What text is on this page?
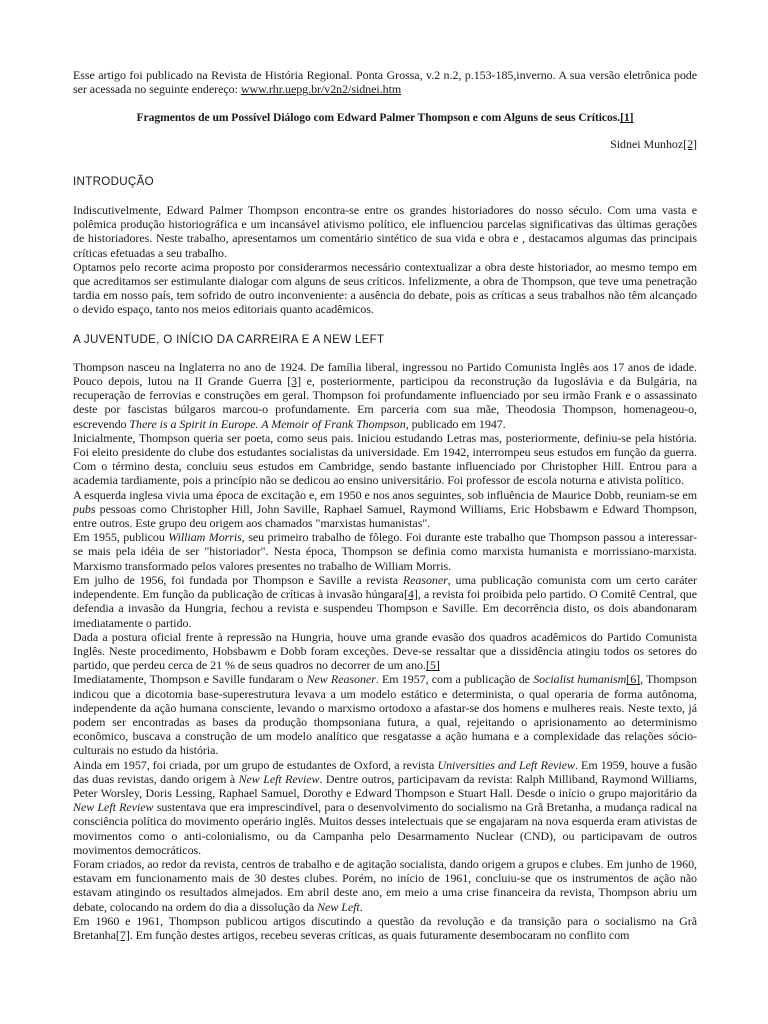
Esse artigo foi publicado na Revista de História Regional. Ponta Grossa, v.2 n.2, p.153-185,inverno. A sua versão eletrônica pode ser acessada no seguinte endereço: www.rhr.uepg.br/v2n2/sidnei.htm

Fragmentos de um Possível Diálogo com Edward Palmer Thompson e com Alguns de seus Críticos.[1]

Sidnei Munhoz[2]

INTRODUÇÃO

Indiscutivelmente, Edward Palmer Thompson encontra-se entre os grandes historiadores do nosso século. Com uma vasta e polêmica produção historiográfica e um incansável ativismo político, ele influenciou parcelas significativas das últimas gerações de historiadores. Neste trabalho, apresentamos um comentário sintético de sua vida e obra e , destacamos algumas das principais críticas efetuadas a seu trabalho.

Optamos pelo recorte acima proposto por considerarmos necessário contextualizar a obra deste historiador, ao mesmo tempo em que acreditamos ser estimulante dialogar com alguns de seus críticos. Infelizmente, a obra de Thompson, que teve uma penetração tardia em nosso país, tem sofrido de outro inconveniente: a ausência do debate, pois as críticas a seus trabalhos não têm alcançado o devido espaço, tanto nos meios editoriais quanto acadêmicos.

A JUVENTUDE, O INÍCIO DA CARREIRA E A NEW LEFT

Thompson nasceu na Inglaterra no ano de 1924. De família liberal, ingressou no Partido Comunista Inglês aos 17 anos de idade. Pouco depois, lutou na II Grande Guerra [3] e, posteriormente, participou da reconstrução da Iugoslávia e da Bulgária, na recuperação de ferrovias e construções em geral. Thompson foi profundamente influenciado por seu irmão Frank e o assassinato deste por fascistas búlgaros marcou-o profundamente. Em parceria com sua mãe, Theodosia Thompson, homenageou-o, escrevendo There is a Spirit in Europe. A Memoir of Frank Thompson, publicado em 1947.

Inicialmente, Thompson queria ser poeta, como seus pais. Iniciou estudando Letras mas, posteriormente, definiu-se pela história. Foi eleito presidente do clube dos estudantes socialistas da universidade. Em 1942, interrompeu seus estudos em função da guerra. Com o término desta, concluiu seus estudos em Cambridge, sendo bastante influenciado por Christopher Hill. Entrou para a academia tardiamente, pois a princípio não se dedicou ao ensino universitário. Foi professor de escola noturna e ativista político.

A esquerda inglesa vivia uma época de excitação e, em 1950 e nos anos seguintes, sob influência de Maurice Dobb, reuniam-se em pubs pessoas como Christopher Hill, John Saville, Raphael Samuel, Raymond Williams, Eric Hobsbawm e Edward Thompson, entre outros. Este grupo deu origem aos chamados "marxistas humanistas".

Em 1955, publicou William Morris, seu primeiro trabalho de fôlego. Foi durante este trabalho que Thompson passou a interessar-se mais pela idéia de ser "historiador". Nesta época, Thompson se definia como marxista humanista e morrissiano-marxista. Marxismo transformado pelos valores presentes no trabalho de William Morris.

Em julho de 1956, foi fundada por Thompson e Saville a revista Reasoner, uma publicação comunista com um certo caráter independente. Em função da publicação de críticas à invasão húngara[4], a revista foi proibida pelo partido. O Comitê Central, que defendia a invasão da Hungria, fechou a revista e suspendeu Thompson e Saville. Em decorrência disto, os dois abandonaram imediatamente o partido.

Dada a postura oficial frente à repressão na Hungria, houve uma grande evasão dos quadros acadêmicos do Partido Comunista Inglês. Neste procedimento, Hobsbawm e Dobb foram exceções. Deve-se ressaltar que a dissidência atingiu todos os setores do partido, que perdeu cerca de 21 % de seus quadros no decorrer de um ano.[5]

Imediatamente, Thompson e Saville fundaram o New Reasoner. Em 1957, com a publicação de Socialist humanism[6], Thompson indicou que a dicotomia base-superestrutura levava a um modelo estático e determinista, o qual operaria de forma autônoma, independente da ação humana consciente, levando o marxismo ortodoxo a afastar-se dos homens e mulheres reais. Neste texto, já podem ser encontradas as bases da produção thompsoniana futura, a qual, rejeitando o aprisionamento ao determinismo econômico, buscava a construção de um modelo analítico que resgatasse a ação humana e a complexidade das relações sócio-culturais no estudo da história.

Ainda em 1957, foi criada, por um grupo de estudantes de Oxford, a revista Universities and Left Review. Em 1959, houve a fusão das duas revistas, dando origem à New Left Review. Dentre outros, participavam da revista: Ralph Milliband, Raymond Williams, Peter Worsley, Doris Lessing, Raphael Samuel, Dorothy e Edward Thompson e Stuart Hall. Desde o início o grupo majoritário da New Left Review sustentava que era imprescindível, para o desenvolvimento do socialismo na Grã Bretanha, a mudança radical na consciência política do movimento operário inglês. Muitos desses intelectuais que se engajaram na nova esquerda eram ativistas de movimentos como o anti-colonialismo, ou da Campanha pelo Desarmamento Nuclear (CND), ou participavam de outros movimentos democráticos.

Foram criados, ao redor da revista, centros de trabalho e de agitação socialista, dando origem a grupos e clubes. Em junho de 1960, estavam em funcionamento mais de 30 destes clubes. Porém, no início de 1961, concluiu-se que os instrumentos de ação não estavam atingindo os resultados almejados. Em abril deste ano, em meio a uma crise financeira da revista, Thompson abriu um debate, colocando na ordem do dia a dissolução da New Left.

Em 1960 e 1961, Thompson publicou artigos discutindo a questão da revolução e da transição para o socialismo na Grã Bretanha[7]. Em função destes artigos, recebeu severas críticas, as quais futuramente desembocaram no conflito com
